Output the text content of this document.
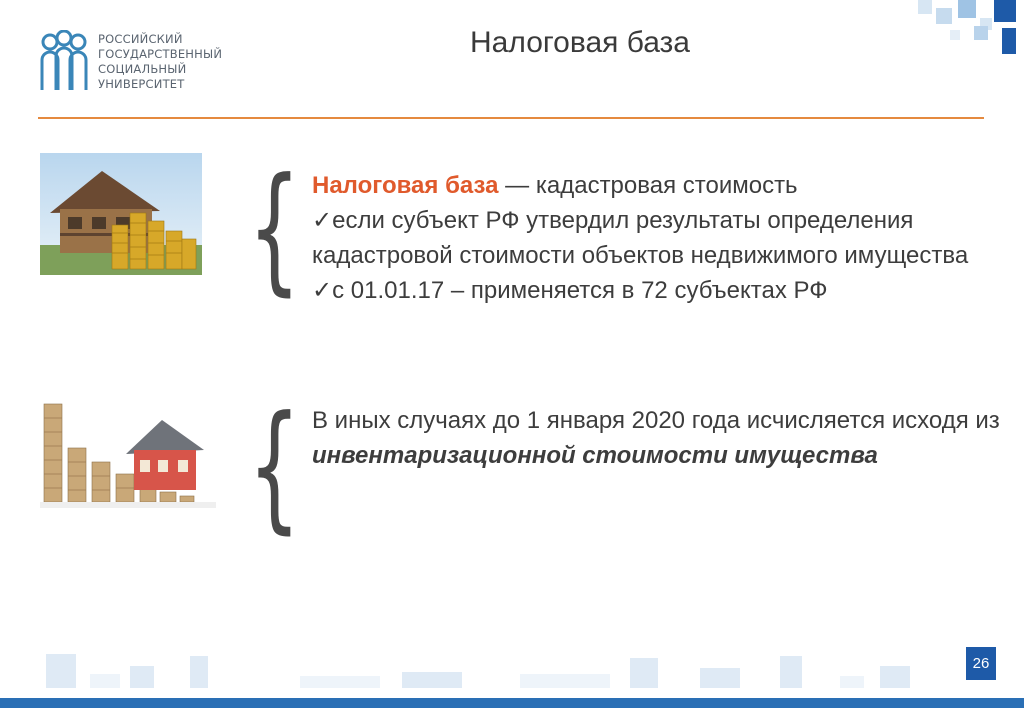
РОССИЙСКИЙ
ГОСУДАРСТВЕННЫЙ
СОЦИАЛЬНЫЙ
УНИВЕРСИТЕТ
Налоговая база
{
{
Налоговая база — кадастровая стоимость
✓если субъект РФ утвердил результаты определения кадастровой стоимости объектов недвижимого имущества
✓с 01.01.17 – применяется в 72 субъектах РФ
В иных случаях до 1 января 2020 года исчисляется исходя из инвентаризационной стоимости имущества
26
